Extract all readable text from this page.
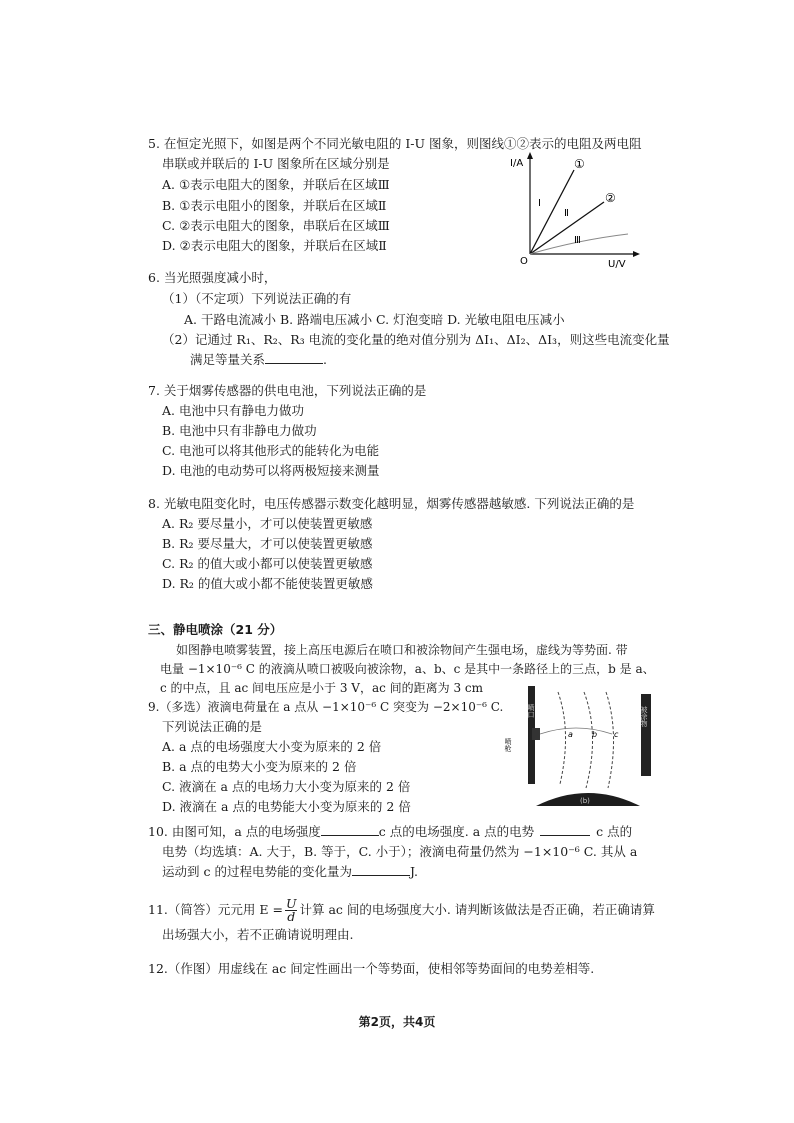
5. 在恒定光照下，如图是两个不同光敏电阻的 I-U 图象，则图线①②表示的电阻及两电阻
串联或并联后的 I-U 图象所在区域分别是
A. ①表示电阻大的图象，并联后在区域Ⅲ
B. ①表示电阻小的图象，并联后在区域Ⅱ
C. ②表示电阻大的图象，串联后在区域Ⅲ
D. ②表示电阻大的图象，并联后在区域Ⅱ
I/A
U/V
O
①
②
Ⅰ
Ⅱ
Ⅲ
6. 当光照强度减小时，
（1）（不定项）下列说法正确的有
A. 干路电流减小 B. 路端电压减小 C. 灯泡变暗 D. 光敏电阻电压减小
（2）记通过 R₁、R₂、R₃ 电流的变化量的绝对值分别为 ΔI₁、ΔI₂、ΔI₃，则这些电流变化量
满足等量关系	.
7. 关于烟雾传感器的供电电池，下列说法正确的是
A. 电池中只有静电力做功
B. 电池中只有非静电力做功
C. 电池可以将其他形式的能转化为电能
D. 电池的电动势可以将两极短接来测量
8. 光敏电阻变化时，电压传感器示数变化越明显，烟雾传感器越敏感. 下列说法正确的是
A. R₂ 要尽量小，才可以使装置更敏感
B. R₂ 要尽量大，才可以使装置更敏感
C. R₂ 的值大或小都可以使装置更敏感
D. R₂ 的值大或小都不能使装置更敏感
三、静电喷涂（21 分）
如图静电喷雾装置，接上高压电源后在喷口和被涂物间产生强电场，虚线为等势面. 带
电量 −1×10⁻⁶ C 的液滴从喷口被吸向被涂物，a、b、c 是其中一条路径上的三点，b 是 a、
c 的中点，且 ac 间电压应是小于 3 V，ac 间的距离为 3 cm
9.（多选）液滴电荷量在 a 点从 −1×10⁻⁶ C 突变为 −2×10⁻⁶ C.
下列说法正确的是
A. a 点的电场强度大小变为原来的 2 倍
B. a 点的电势大小变为原来的 2 倍
C. 液滴在 a 点的电场力大小变为原来的 2 倍
D. 液滴在 a 点的电势能大小变为原来的 2 倍
喷口
喷枪
a b c
被涂物
(b)
10. 由图可知，a 点的电场强度	c 点的电场强度. a 点的电势	c 点的
电势（均选填：A. 大于，B. 等于，C. 小于）；液滴电荷量仍然为 −1×10⁻⁶ C. 其从 a
运动到 c 的过程电势能的变化量为	J.
11.（简答）元元用 $E = \frac{U}{d}$ 计算 ac 间的电场强度大小. 请判断该做法是否正确，若正确请算
出场强大小，若不正确请说明理由.
12.（作图）用虚线在 ac 间定性画出一个等势面，使相邻等势面间的电势差相等.
第2页，共4页
